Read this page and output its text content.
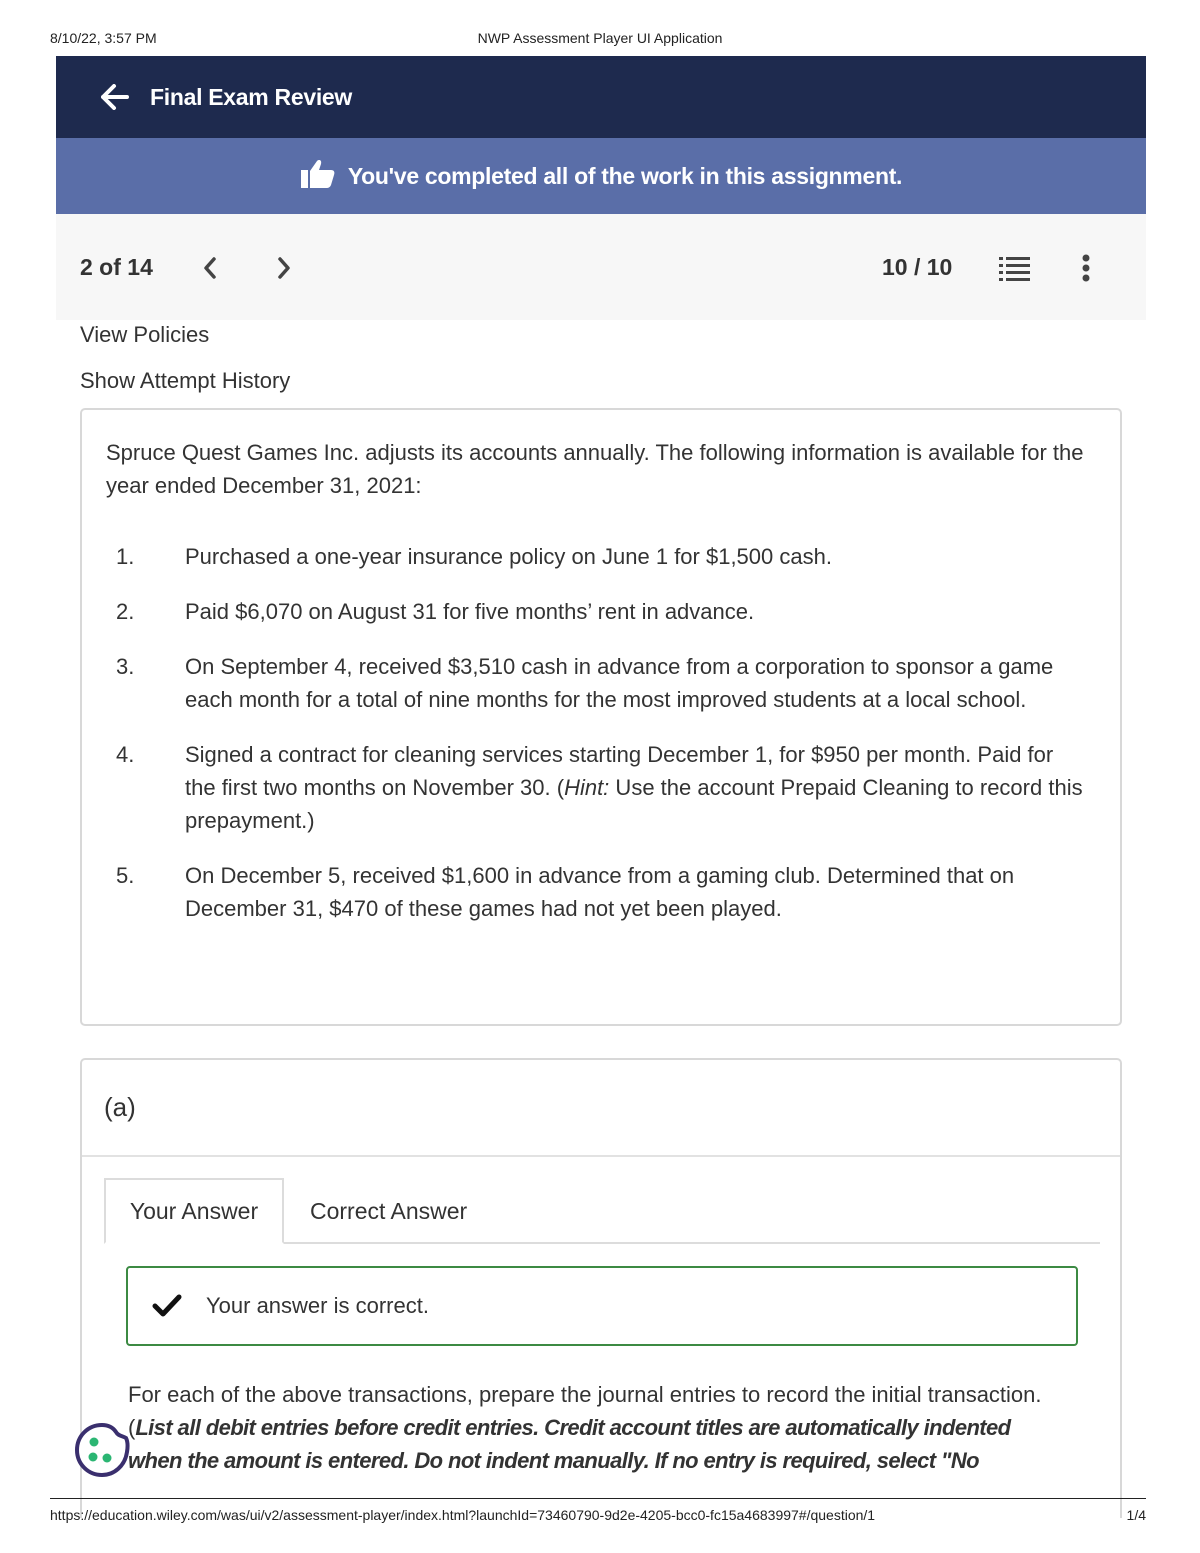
8/10/22, 3:57 PM	NWP Assessment Player UI Application
Final Exam Review
You've completed all of the work in this assignment.
2 of 14	10 / 10
View Policies
Show Attempt History

Spruce Quest Games Inc. adjusts its accounts annually. The following information is available for the year ended December 31, 2021:

1. Purchased a one-year insurance policy on June 1 for $1,500 cash.
2. Paid $6,070 on August 31 for five months’ rent in advance.
3. On September 4, received $3,510 cash in advance from a corporation to sponsor a game each month for a total of nine months for the most improved students at a local school.
4. Signed a contract for cleaning services starting December 1, for $950 per month. Paid for the first two months on November 30. (Hint: Use the account Prepaid Cleaning to record this prepayment.)
5. On December 5, received $1,600 in advance from a gaming club. Determined that on December 31, $470 of these games had not yet been played.
(a)
Your Answer	Correct Answer
Your answer is correct.

For each of the above transactions, prepare the journal entries to record the initial transaction. (List all debit entries before credit entries. Credit account titles are automatically indented when the amount is entered. Do not indent manually. If no entry is required, select "No

https://education.wiley.com/was/ui/v2/assessment-player/index.html?launchId=73460790-9d2e-4205-bcc0-fc15a4683997#/question/1	1/4
